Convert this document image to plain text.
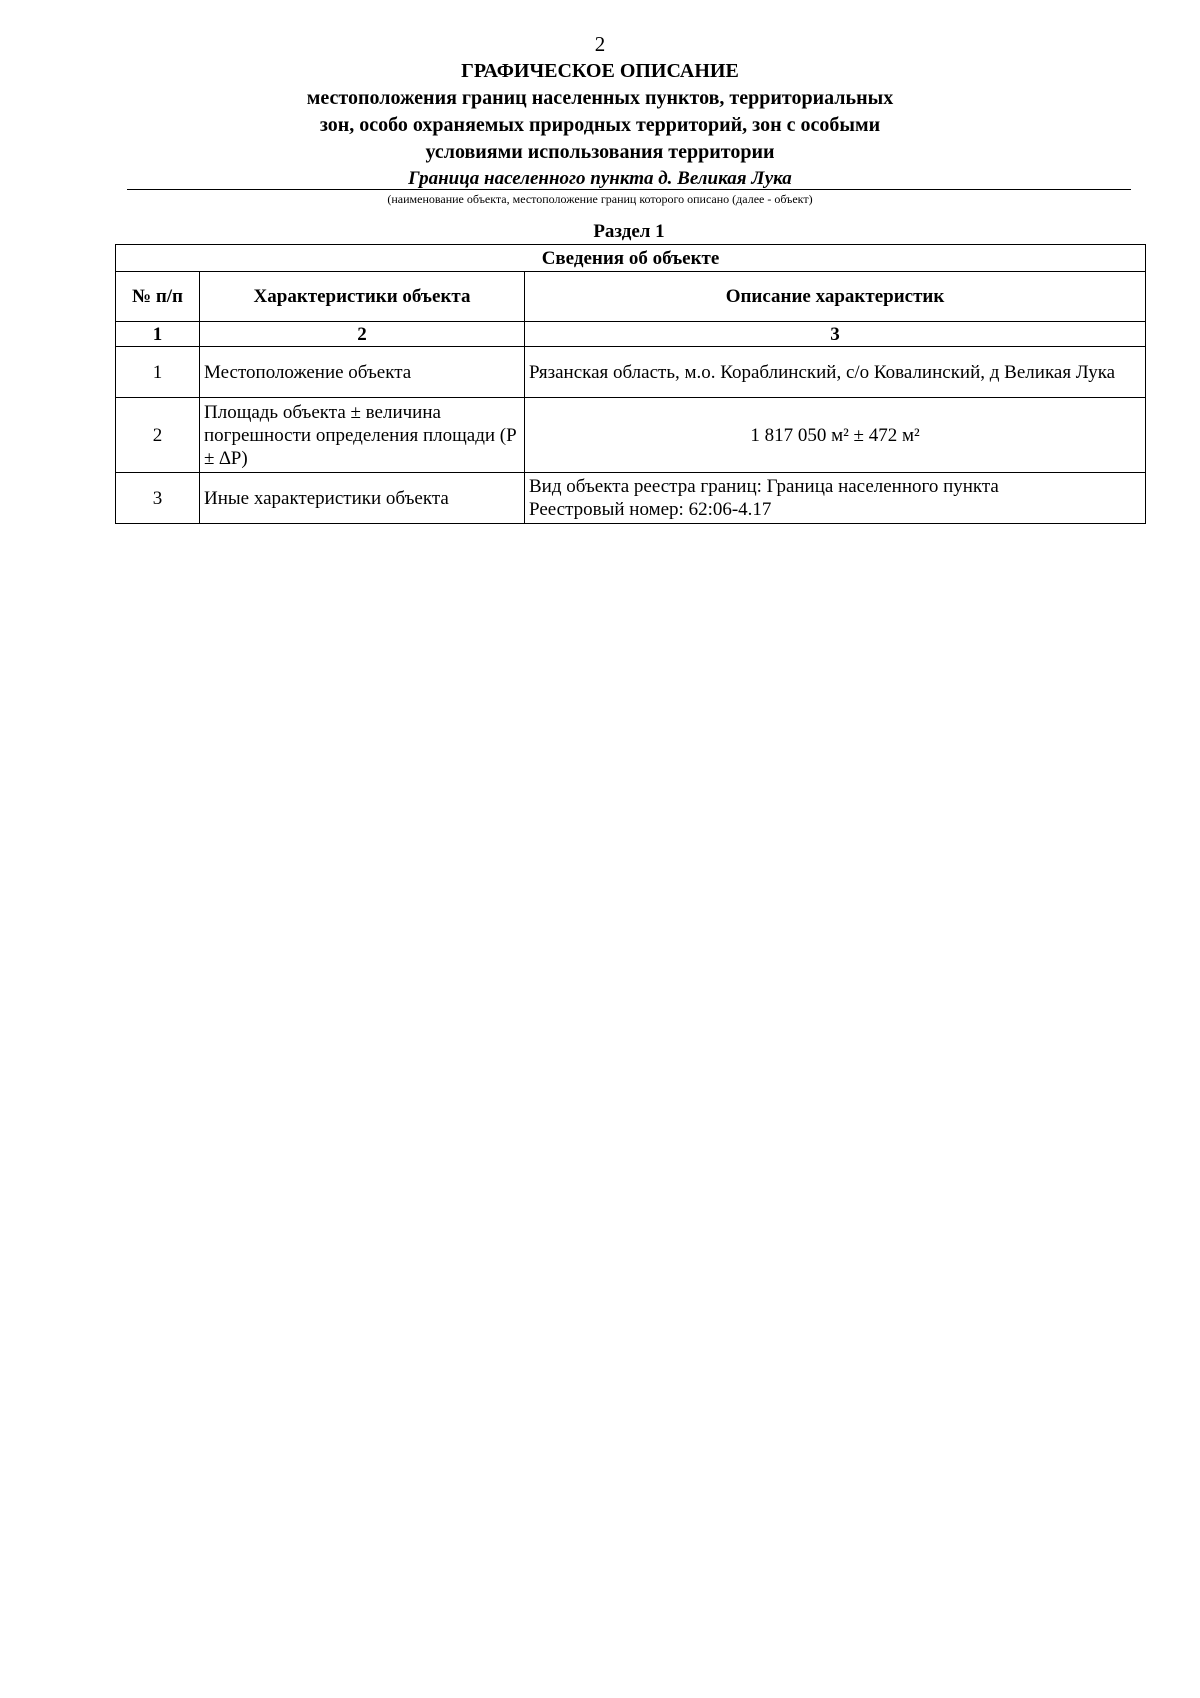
2
ГРАФИЧЕСКОЕ ОПИСАНИЕ
местоположения границ населенных пунктов, территориальных
зон, особо охраняемых природных территорий, зон с особыми
условиями использования территории
Граница населенного пункта д. Великая Лука
(наименование объекта, местоположение границ которого описано (далее - объект)
Раздел 1
Сведения об объекте		
№ п/п	Характеристики объекта	Описание характеристик
1	2	3
1	Местоположение объекта	Рязанская область, м.о. Кораблинский, с/о Ковалинский, д Великая Лука

2	Площадь объекта ± величина погрешности определения площади (P ± ∆P)	1 817 050 м² ± 472 м²

3	Иные характеристики объекта	Вид объекта реестра границ: Граница населенного пункта
Реестровый номер: 62:06-4.17
